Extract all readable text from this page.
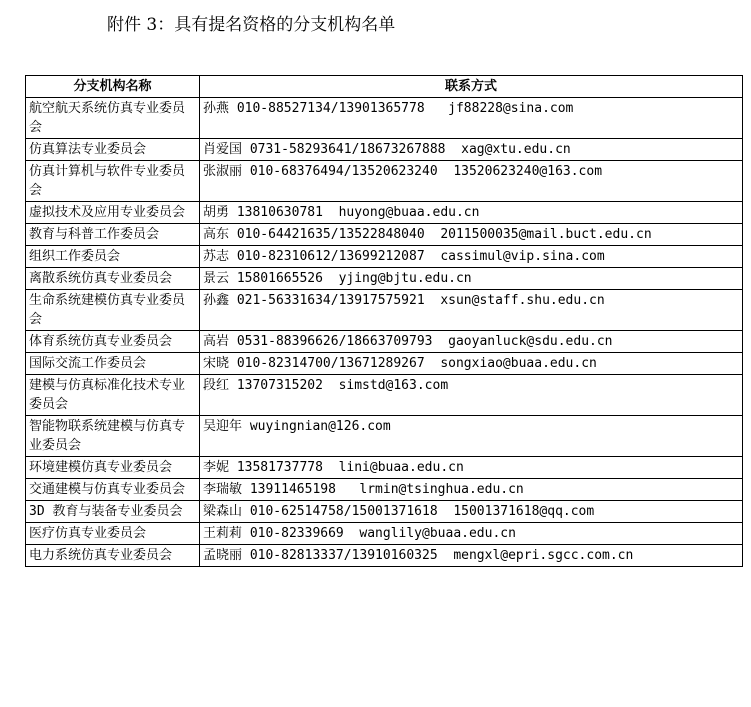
附件 3：具有提名资格的分支机构名单
分支机构名称	联系方式
航空航天系统仿真专业委员会	孙燕 010-88527134/13901365778   jf88228@sina.com
仿真算法专业委员会	肖爱国 0731-58293641/18673267888  xag@xtu.edu.cn
仿真计算机与软件专业委员会	张淑丽 010-68376494/13520623240  13520623240@163.com
虚拟技术及应用专业委员会	胡勇 13810630781  huyong@buaa.edu.cn
教育与科普工作委员会	高东 010-64421635/13522848040  2011500035@mail.buct.edu.cn
组织工作委员会	苏志 010-82310612/13699212087  cassimul@vip.sina.com
离散系统仿真专业委员会	景云 15801665526  yjing@bjtu.edu.cn
生命系统建模仿真专业委员会	孙鑫 021-56331634/13917575921  xsun@staff.shu.edu.cn
体育系统仿真专业委员会	高岩 0531-88396626/18663709793  gaoyanluck@sdu.edu.cn
国际交流工作委员会	宋晓 010-82314700/13671289267  songxiao@buaa.edu.cn
建模与仿真标准化技术专业委员会	段红 13707315202  simstd@163.com
智能物联系统建模与仿真专业委员会	吴迎年 wuyingnian@126.com
环境建模仿真专业委员会	李妮 13581737778  lini@buaa.edu.cn
交通建模与仿真专业委员会	李瑞敏 13911465198   lrmin@tsinghua.edu.cn
3D 教育与装备专业委员会	梁森山 010-62514758/15001371618  15001371618@qq.com
医疗仿真专业委员会	王莉莉 010-82339669  wanglily@buaa.edu.cn
电力系统仿真专业委员会	孟晓丽 010-82813337/13910160325  mengxl@epri.sgcc.com.cn
